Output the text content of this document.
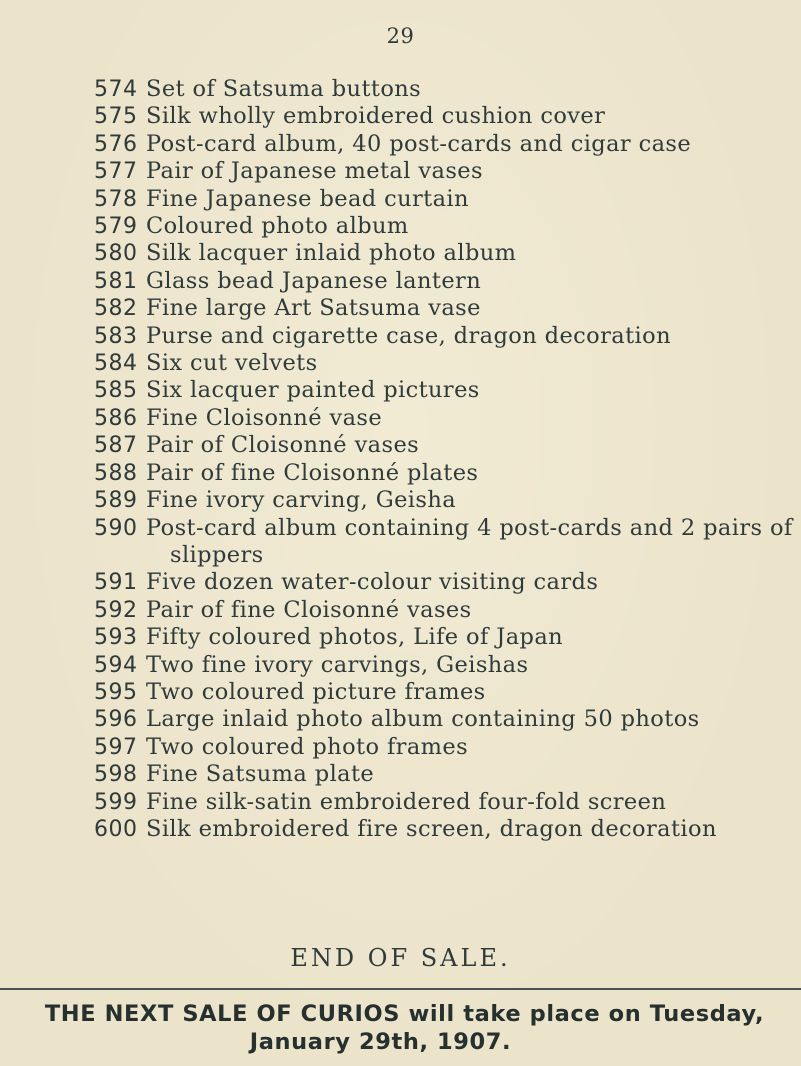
29
574 Set of Satsuma buttons
575 Silk wholly embroidered cushion cover
576 Post-card album, 40 post-cards and cigar case
577 Pair of Japanese metal vases
578 Fine Japanese bead curtain
579 Coloured photo album
580 Silk lacquer inlaid photo album
581 Glass bead Japanese lantern
582 Fine large Art Satsuma vase
583 Purse and cigarette case, dragon decoration
584 Six cut velvets
585 Six lacquer painted pictures
586 Fine Cloisonné vase
587 Pair of Cloisonné vases
588 Pair of fine Cloisonné plates
589 Fine ivory carving, Geisha
590 Post-card album containing 4 post-cards and 2 pairs of
slippers
591 Five dozen water-colour visiting cards
592 Pair of fine Cloisonné vases
593 Fifty coloured photos, Life of Japan
594 Two fine ivory carvings, Geishas
595 Two coloured picture frames
596 Large inlaid photo album containing 50 photos
597 Two coloured photo frames
598 Fine Satsuma plate
599 Fine silk-satin embroidered four-fold screen
600 Silk embroidered fire screen, dragon decoration
END OF SALE.
THE NEXT SALE OF CURIOS will take place on Tuesday,
January 29th, 1907.
